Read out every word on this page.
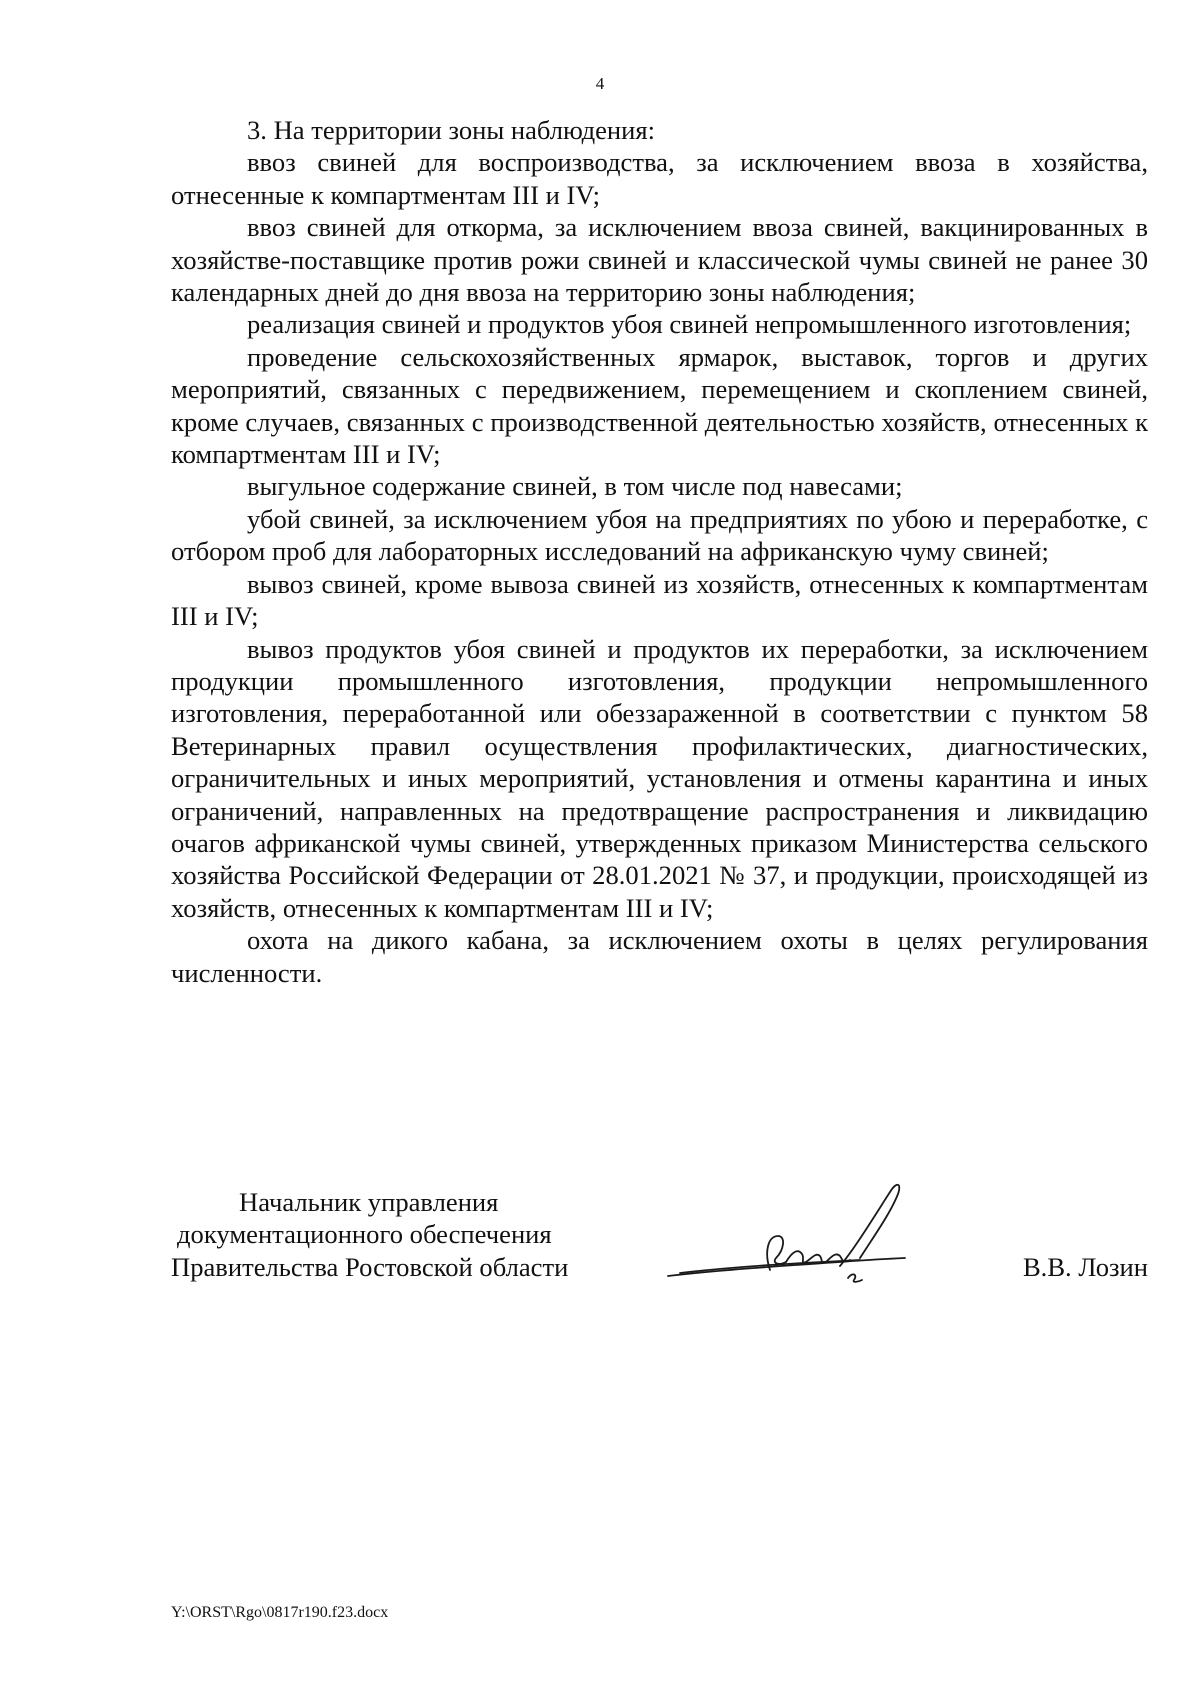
4

3. На территории зоны наблюдения:

ввоз свиней для воспроизводства, за исключением ввоза в хозяйства, отнесенные к компартментам III и IV;

ввоз свиней для откорма, за исключением ввоза свиней, вакцинированных в хозяйстве-поставщике против рожи свиней и классической чумы свиней не ранее 30 календарных дней до дня ввоза на территорию зоны наблюдения;

реализация свиней и продуктов убоя свиней непромышленного изготовления;

проведение сельскохозяйственных ярмарок, выставок, торгов и других мероприятий, связанных с передвижением, перемещением и скоплением свиней, кроме случаев, связанных с производственной деятельностью хозяйств, отнесенных к компартментам III и IV;

выгульное содержание свиней, в том числе под навесами;

убой свиней, за исключением убоя на предприятиях по убою и переработке, с отбором проб для лабораторных исследований на африканскую чуму свиней;

вывоз свиней, кроме вывоза свиней из хозяйств, отнесенных к компартментам III и IV;

вывоз продуктов убоя свиней и продуктов их переработки, за исключением продукции промышленного изготовления, продукции непромышленного изготовления, переработанной или обеззараженной в соответствии с пунктом 58 Ветеринарных правил осуществления профилактических, диагностических, ограничительных и иных мероприятий, установления и отмены карантина и иных ограничений, направленных на предотвращение распространения и ликвидацию очагов африканской чумы свиней, утвержденных приказом Министерства сельского хозяйства Российской Федерации от 28.01.2021 № 37, и продукции, происходящей из хозяйств, отнесенных к компартментам III и IV;

охота на дикого кабана, за исключением охоты в целях регулирования численности.

Начальник управления
документационного обеспечения
Правительства Ростовской области	В.В. Лозин
Y:\ORST\Rgo\0817r190.f23.docx
